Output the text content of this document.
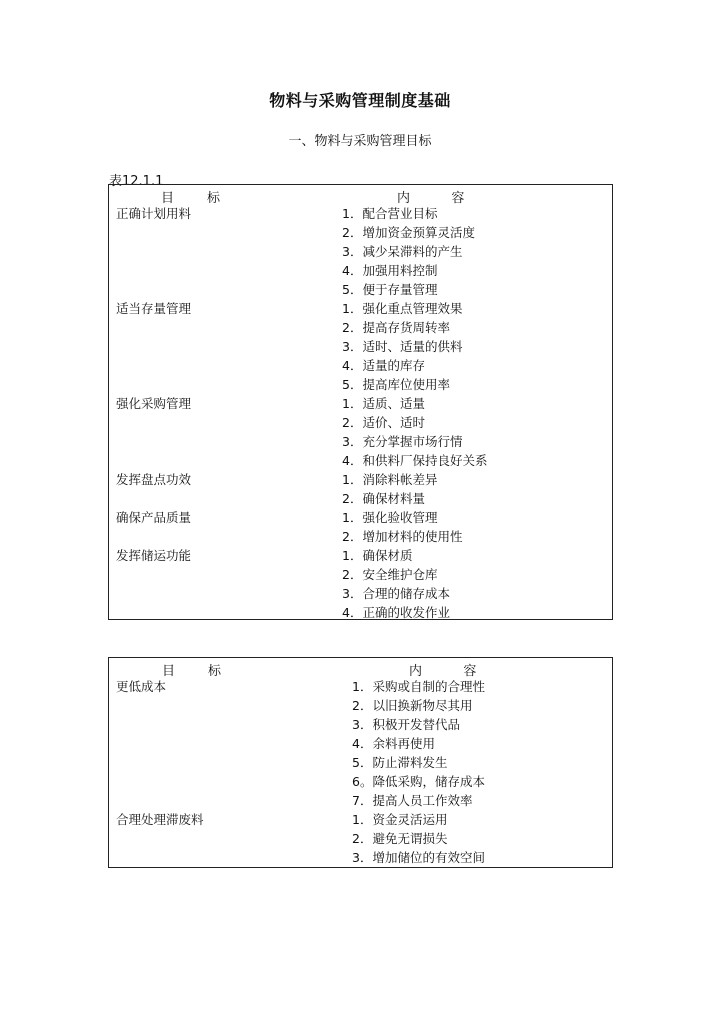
物料与采购管理制度基础
一、物料与采购管理目标
表12.1.1
目        标	内          容
正确计划用料	1．配合营业目标
2．增加资金预算灵活度
3．减少呆滞料的产生
4．加强用料控制
5．便于存量管理
适当存量管理	1．强化重点管理效果
2．提高存货周转率
3．适时、适量的供料
4．适量的库存
5．提高库位使用率
强化采购管理	1．适质、适量
2．适价、适时
3．充分掌握市场行情
4．和供料厂保持良好关系
发挥盘点功效	1．消除料帐差异
2．确保材料量
确保产品质量	1．强化验收管理
2．增加材料的使用性
发挥储运功能	1．确保材质
2．安全维护仓库
3．合理的储存成本
4．正确的收发作业
目        标	内          容
更低成本	1．采购或自制的合理性
2．以旧换新物尽其用
3．积极开发替代品
4．余料再使用
5．防止滞料发生
6。降低采购，储存成本
7．提高人员工作效率
合理处理滞废料	1．资金灵活运用
2．避免无谓损失
3．增加储位的有效空间
